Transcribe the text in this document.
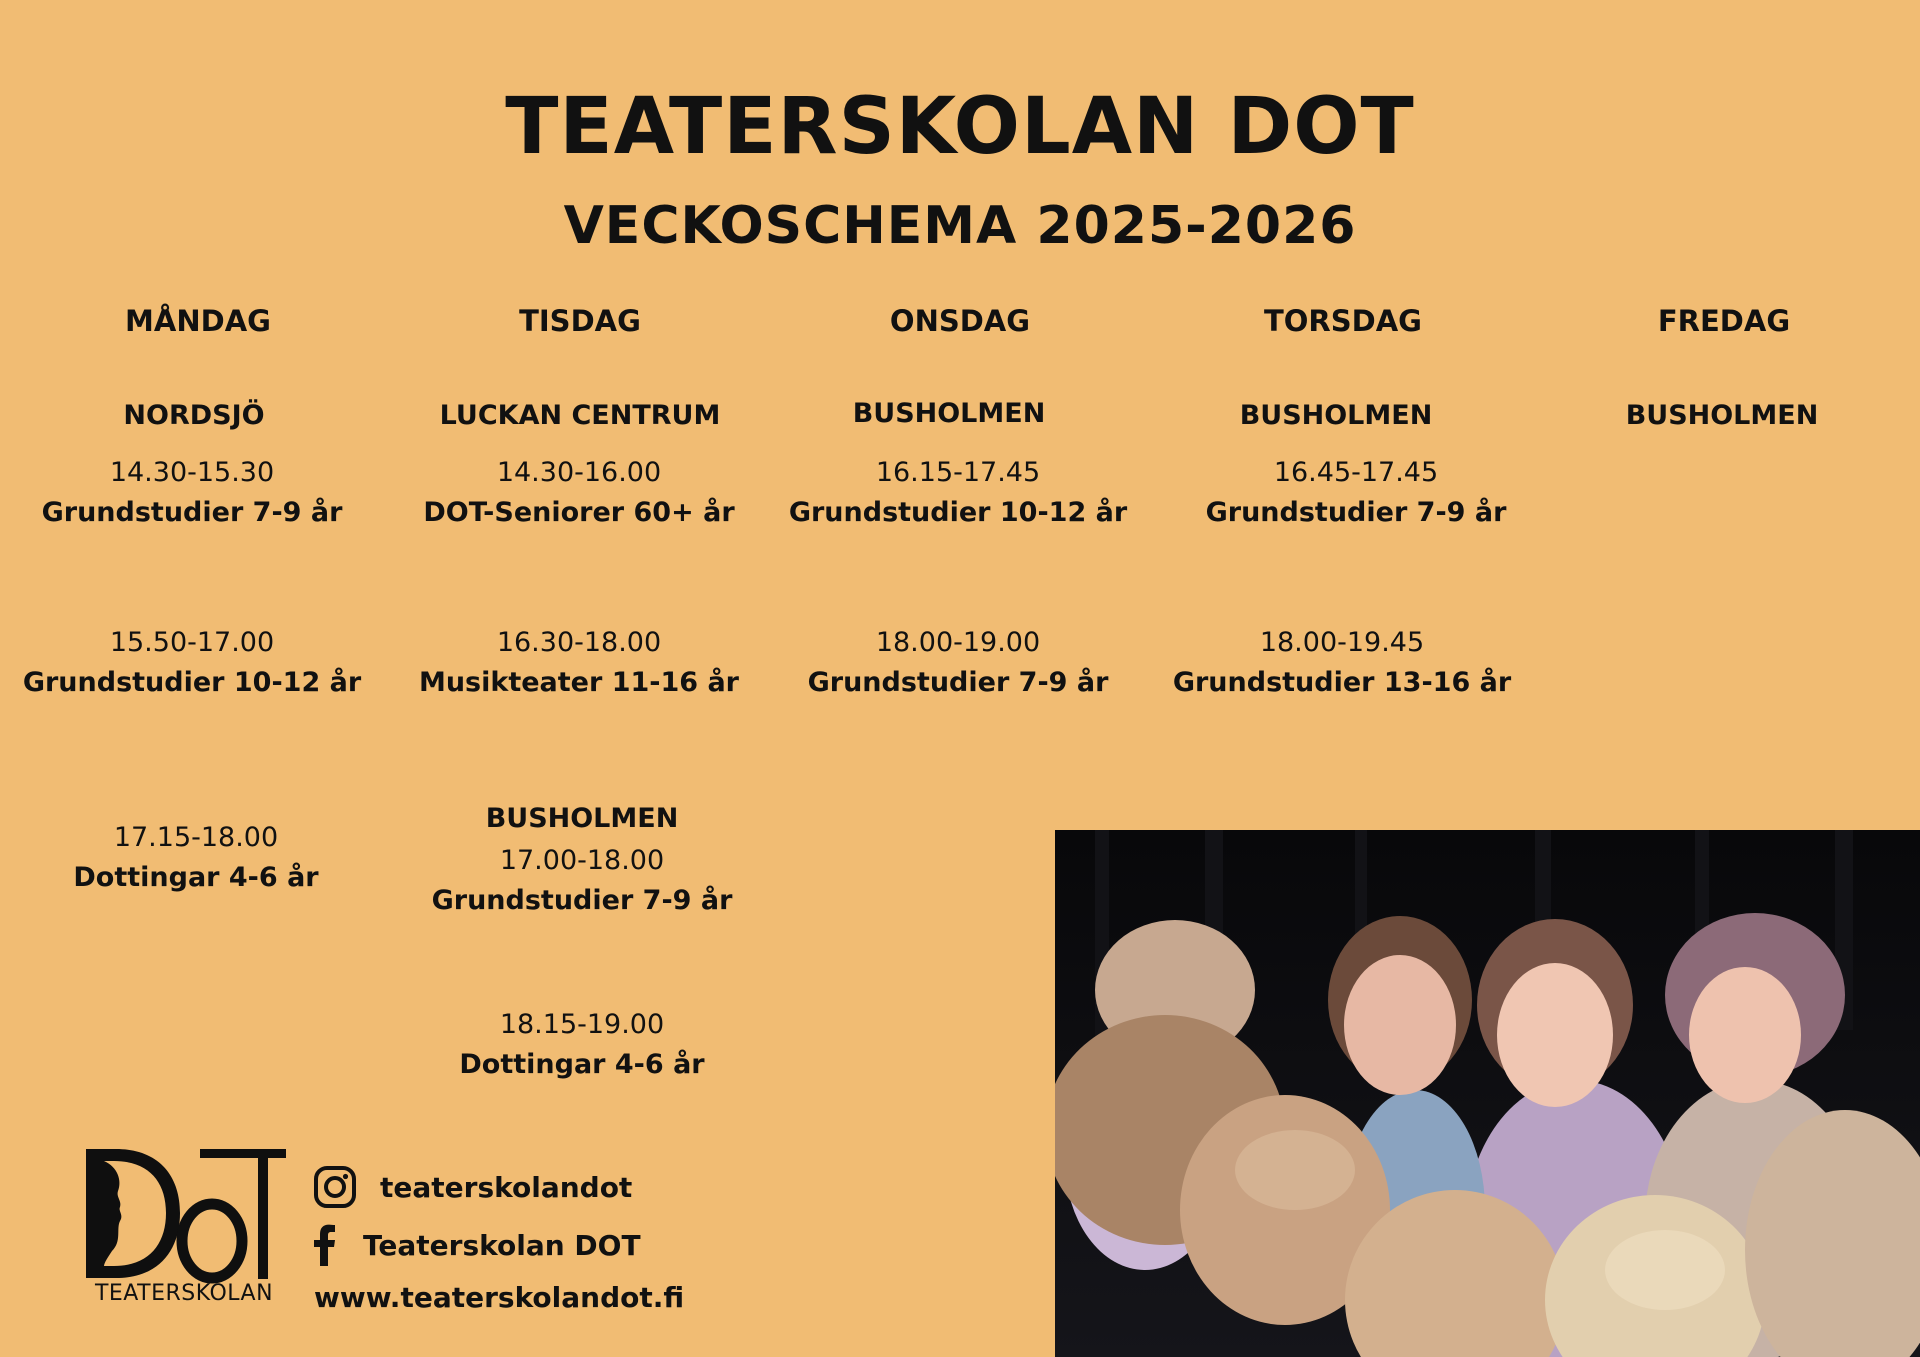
TEATERSKOLAN DOT
VECKOSCHEMA 2025-2026
MÅNDAG
NORDSJÖ
14.30-15.30
Grundstudier 7-9 år
15.50-17.00
Grundstudier 10-12 år
17.15-18.00
Dottingar 4-6 år
TISDAG
LUCKAN CENTRUM
14.30-16.00
DOT-Seniorer 60+ år
16.30-18.00
Musikteater 11-16 år
BUSHOLMEN
17.00-18.00
Grundstudier 7-9 år
18.15-19.00
Dottingar 4-6 år
ONSDAG
BUSHOLMEN
16.15-17.45
Grundstudier 10-12 år
18.00-19.00
Grundstudier 7-9 år
TORSDAG
BUSHOLMEN
16.45-17.45
Grundstudier 7-9 år
18.00-19.45
Grundstudier 13-16 år
FREDAG
BUSHOLMEN
TEATERSKOLAN
teaterskolandot
Teaterskolan DOT
www.teaterskolandot.fi
